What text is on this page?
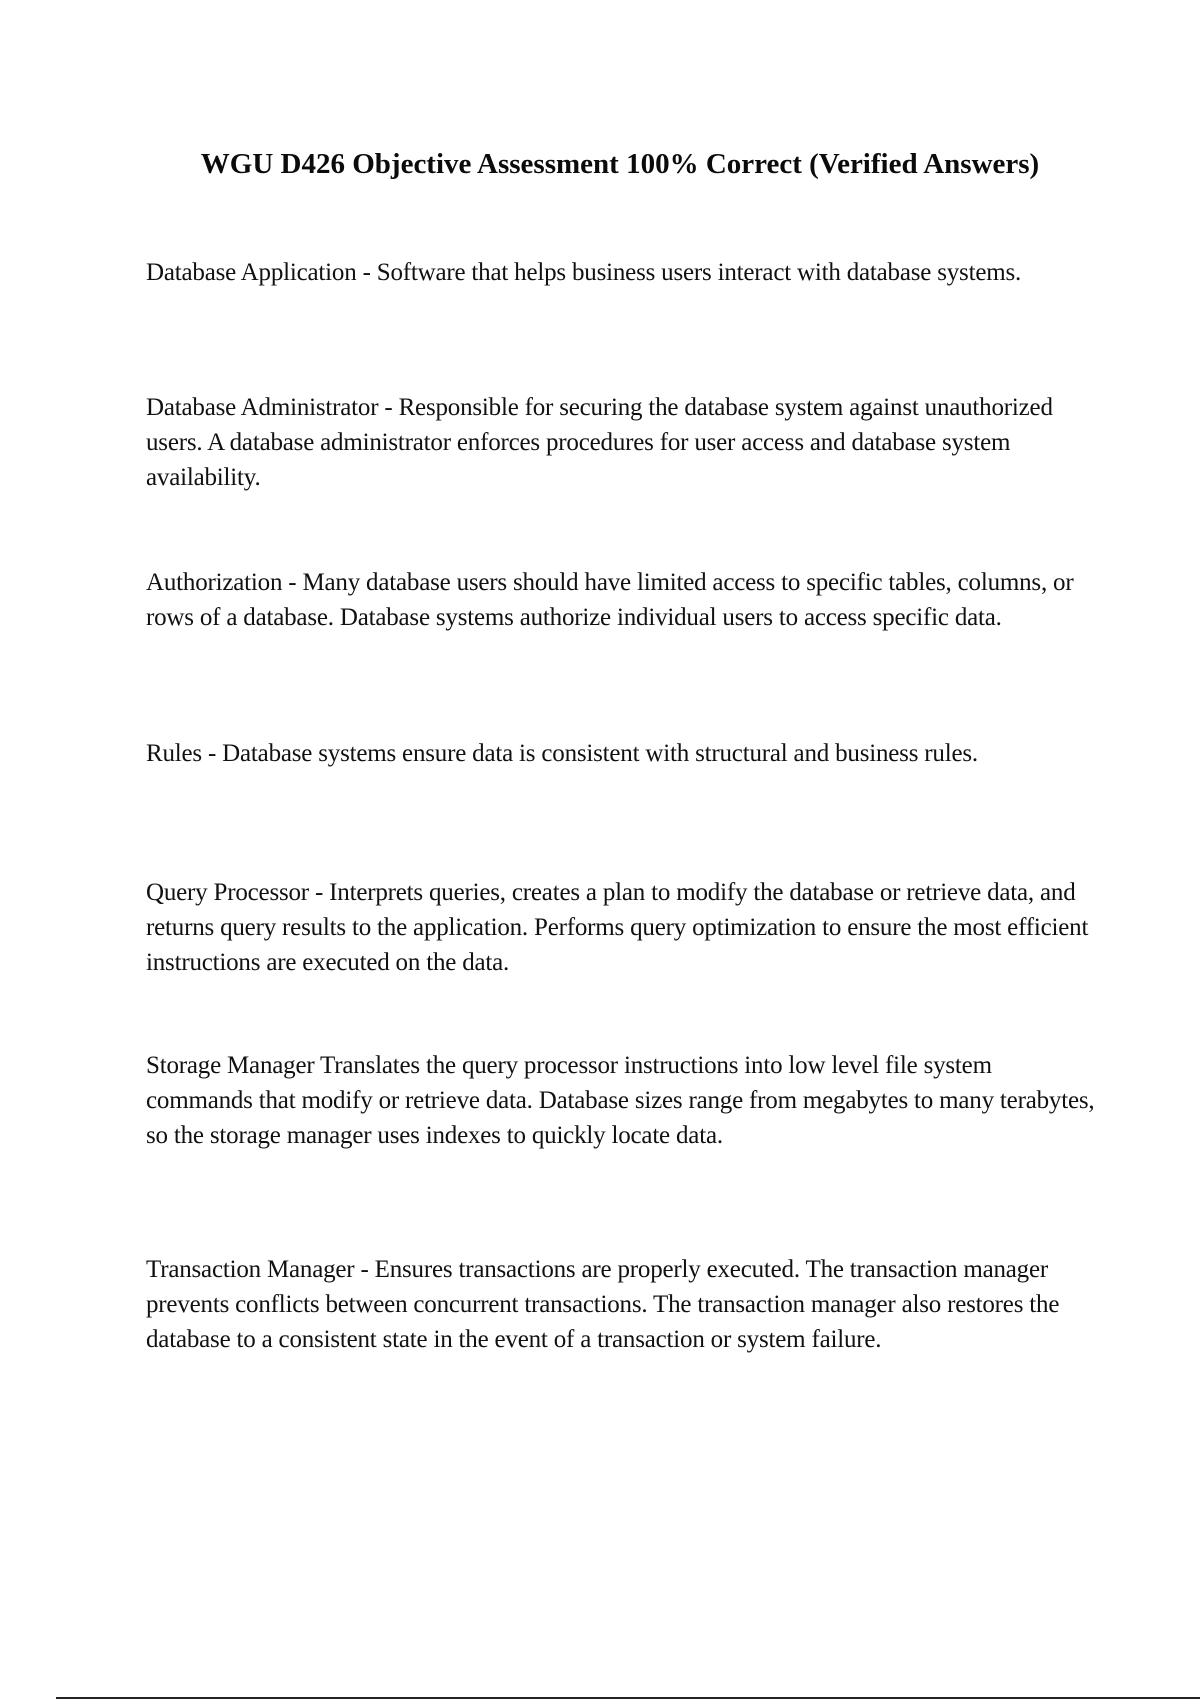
WGU D426 Objective Assessment 100% Correct (Verified Answers)

Database Application - Software that helps business users interact with database systems.

Database Administrator - Responsible for securing the database system against unauthorized users. A database administrator enforces procedures for user access and database system availability.

Authorization - Many database users should have limited access to specific tables, columns, or rows of a database. Database systems authorize individual users to access specific data.

Rules - Database systems ensure data is consistent with structural and business rules.

Query Processor - Interprets queries, creates a plan to modify the database or retrieve data, and returns query results to the application. Performs query optimization to ensure the most efficient instructions are executed on the data.

Storage Manager Translates the query processor instructions into low level file system commands that modify or retrieve data. Database sizes range from megabytes to many terabytes, so the storage manager uses indexes to quickly locate data.

Transaction Manager - Ensures transactions are properly executed. The transaction manager prevents conflicts between concurrent transactions. The transaction manager also restores the database to a consistent state in the event of a transaction or system failure.
